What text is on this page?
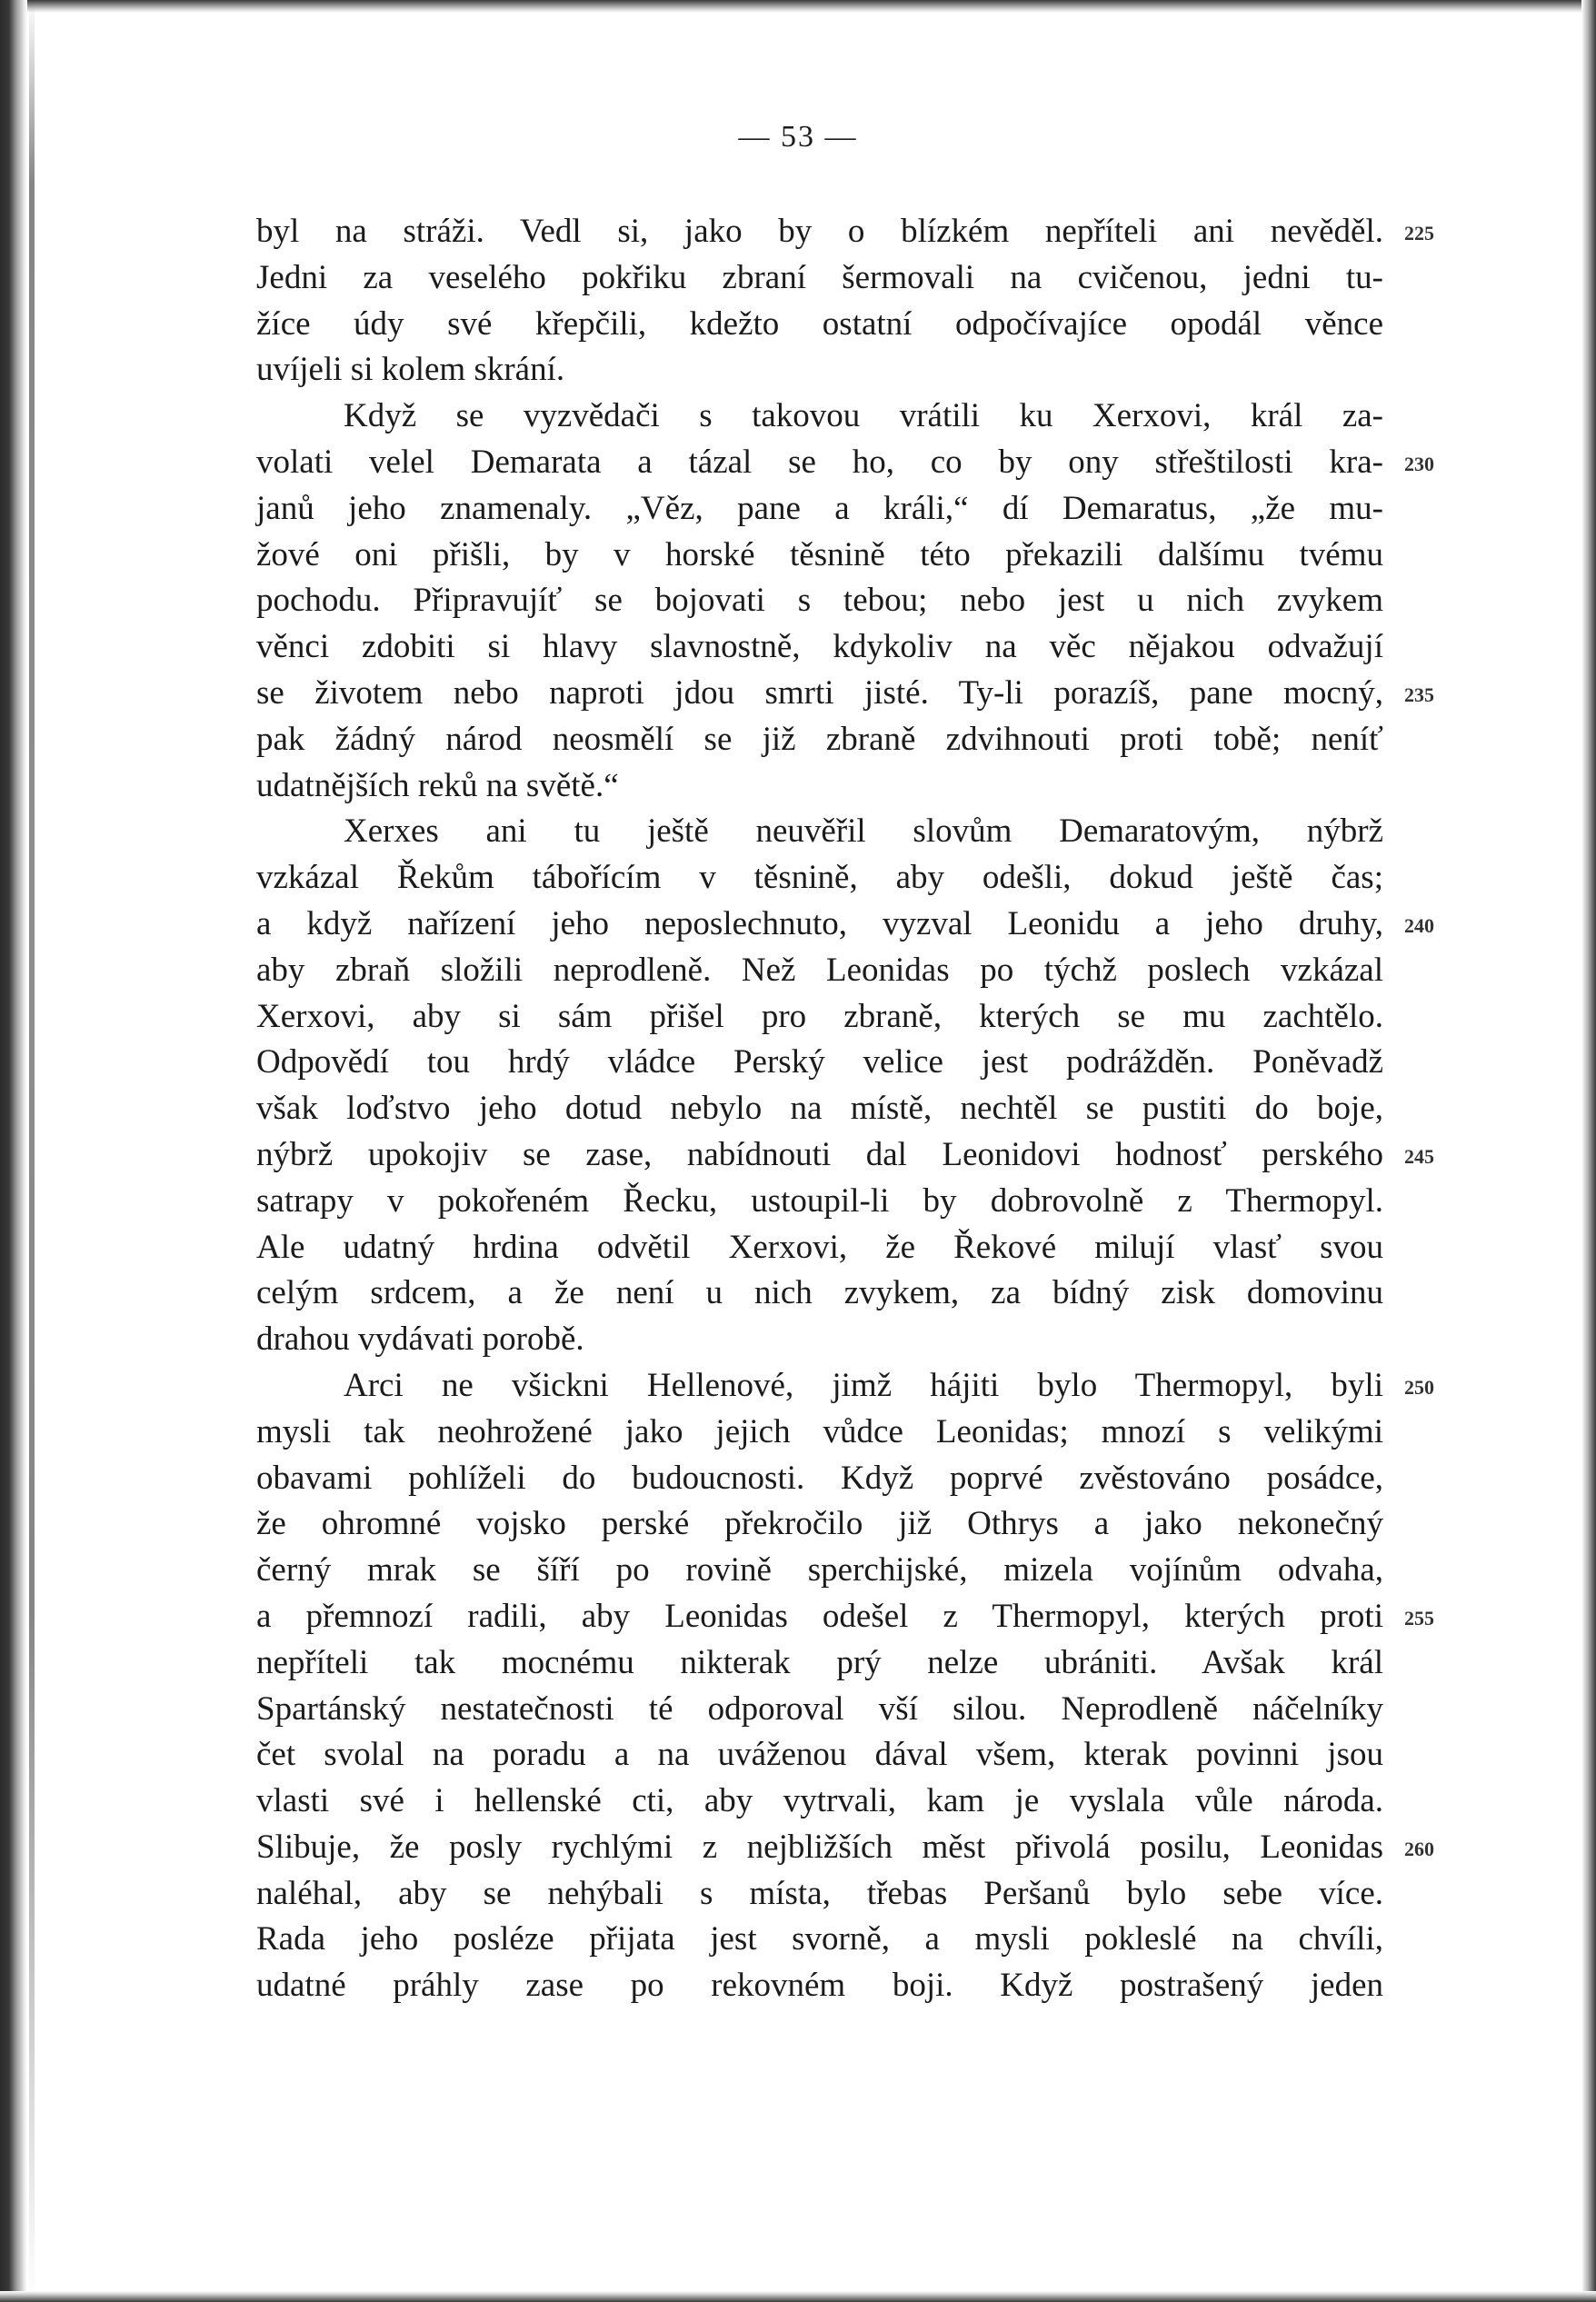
— 53 —
byl na stráži. Vedl si, jako by o blízkém nepříteli ani nevěděl.
Jedni za veselého pokřiku zbraní šermovali na cvičenou, jedni tu-
žíce údy své křepčili, kdežto ostatní odpočívajíce opodál věnce
uvíjeli si kolem skrání.
Když se vyzvědači s takovou vrátili ku Xerxovi, král za-
volati velel Demarata a tázal se ho, co by ony střeštilosti kra-
janů jeho znamenaly. „Věz, pane a králi,“ dí Demaratus, „že mu-
žové oni přišli, by v horské těsnině této překazili dalšímu tvému
pochodu. Připravujíť se bojovati s tebou; nebo jest u nich zvykem
věnci zdobiti si hlavy slavnostně, kdykoliv na věc nějakou odvažují
se životem nebo naproti jdou smrti jisté. Ty-li porazíš, pane mocný,
pak žádný národ neosmělí se již zbraně zdvihnouti proti tobě; neníť
udatnějších reků na světě.“
Xerxes ani tu ještě neuvěřil slovům Demaratovým, nýbrž
vzkázal Řekům tábořícím v těsnině, aby odešli, dokud ještě čas;
a když nařízení jeho neposlechnuto, vyzval Leonidu a jeho druhy,
aby zbraň složili neprodleně. Než Leonidas po týchž poslech vzkázal
Xerxovi, aby si sám přišel pro zbraně, kterých se mu zachtělo.
Odpovědí tou hrdý vládce Perský velice jest podrážděn. Poněvadž
však loďstvo jeho dotud nebylo na místě, nechtěl se pustiti do boje,
nýbrž upokojiv se zase, nabídnouti dal Leonidovi hodnosť perského
satrapy v pokořeném Řecku, ustoupil-li by dobrovolně z Thermopyl.
Ale udatný hrdina odvětil Xerxovi, že Řekové milují vlasť svou
celým srdcem, a že není u nich zvykem, za bídný zisk domovinu
drahou vydávati porobě.
Arci ne všickni Hellenové, jimž hájiti bylo Thermopyl, byli
mysli tak neohrožené jako jejich vůdce Leonidas; mnozí s velikými
obavami pohlíželi do budoucnosti. Když poprvé zvěstováno posádce,
že ohromné vojsko perské překročilo již Othrys a jako nekonečný
černý mrak se šíří po rovině sperchijské, mizela vojínům odvaha,
a přemnozí radili, aby Leonidas odešel z Thermopyl, kterých proti
nepříteli tak mocnému nikterak prý nelze ubrániti. Avšak král
Spartánský nestatečnosti té odporoval vší silou. Neprodleně náčelníky
čet svolal na poradu a na uváženou dával všem, kterak povinni jsou
vlasti své i hellenské cti, aby vytrvali, kam je vyslala vůle národa.
Slibuje, že posly rychlými z nejbližších měst přivolá posilu, Leonidas
naléhal, aby se nehýbali s místa, třebas Peršanů bylo sebe více.
Rada jeho posléze přijata jest svorně, a mysli pokleslé na chvíli,
udatné práhly zase po rekovném boji. Když postrašený jeden
225
230
235
240
245
250
255
260
